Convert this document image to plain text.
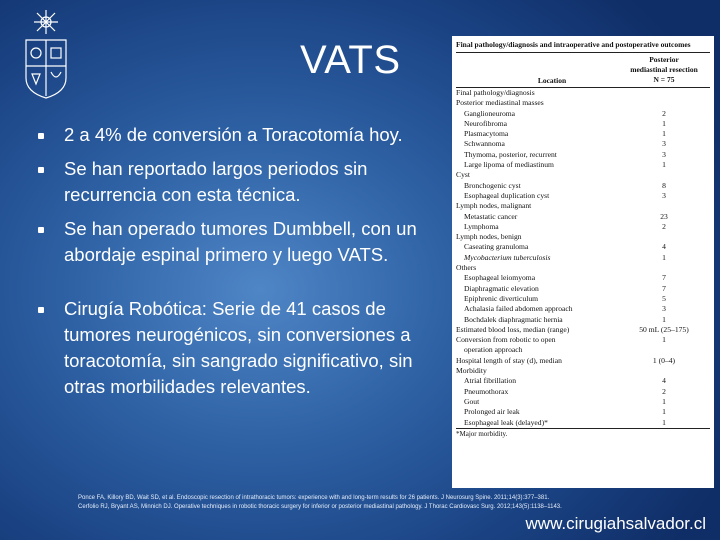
VATS
2 a 4% de conversión a Toracotomía hoy.
Se han reportado largos periodos sin recurrencia con esta técnica.
Se han operado tumores Dumbbell, con un abordaje espinal primero y luego VATS.
Cirugía Robótica: Serie de 41 casos de tumores neurogénicos, sin conversiones a toracotomía, sin sangrado significativo, sin otras morbilidades relevantes.
Final pathology/diagnosis and intraoperative and postoperative outcomes
Location
Posterior
mediastinal resection
N = 75
Final pathology/diagnosis
Posterior mediastinal masses
Ganglioneuroma	2
Neurofibroma	1
Plasmacytoma	1
Schwannoma	3
Thymoma, posterior, recurrent	3
Large lipoma of mediastinum	1
Cyst
Bronchogenic cyst	8
Esophageal duplication cyst	3
Lymph nodes, malignant
Metastatic cancer	23
Lymphoma	2
Lymph nodes, benign
Caseating granuloma	4
Mycobacterium tuberculosis	1
Others
Esophageal leiomyoma	7
Diaphragmatic elevation	7
Epiphrenic diverticulum	5
Achalasia failed abdomen approach	3
Bochdalek diaphragmatic hernia	1
Estimated blood loss, median (range)	50 mL (25–175)
Conversion from robotic to open	1
operation approach
Hospital length of stay (d), median	1 (0–4)
Morbidity
Atrial fibrillation	4
Pneumothorax	2
Gout	1
Prolonged air leak	1
Esophageal leak (delayed)*	1
*Major morbidity.
Ponce FA, Killory BD, Wait SD, et al. Endoscopic resection of intrathoracic tumors: experience with and long-term results for 26 patients. J Neurosurg Spine. 2011;14(3):377–381.
Cerfolio RJ, Bryant AS, Minnich DJ. Operative techniques in robotic thoracic surgery for inferior or posterior mediastinal pathology. J Thorac Cardiovasc Surg. 2012;143(5):1138–1143.
www.cirugiahsalvador.cl
